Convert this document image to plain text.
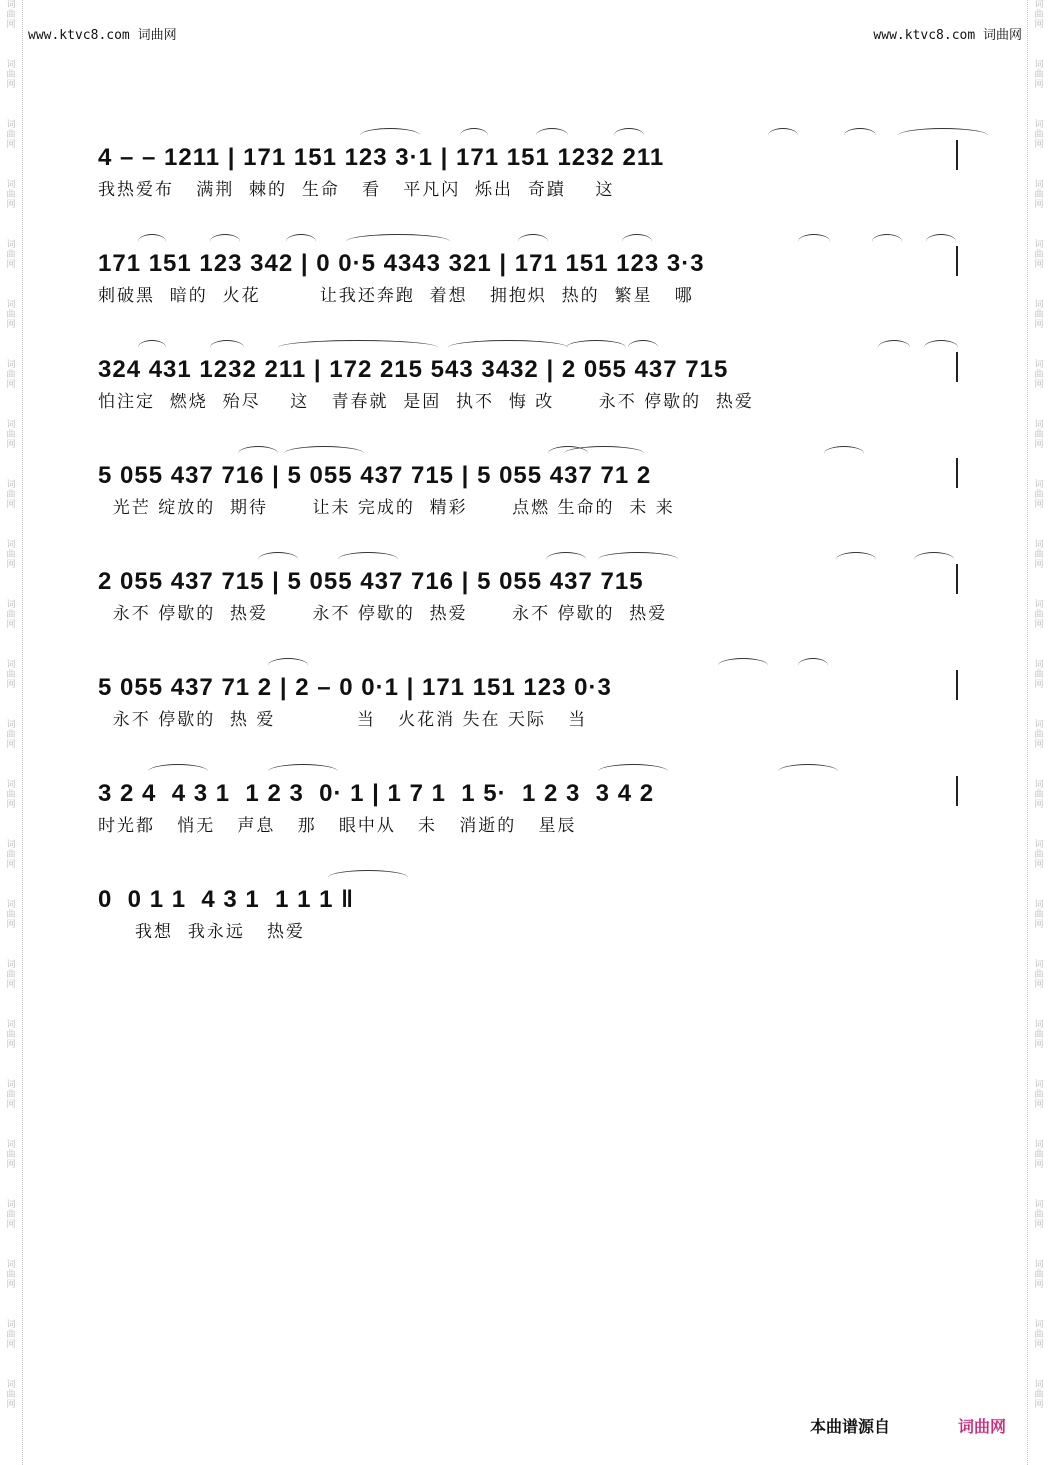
词曲网
词曲网
词曲网
词曲网
词曲网
词曲网
词曲网
词曲网
词曲网
词曲网
词曲网
词曲网
词曲网
词曲网
词曲网
词曲网
词曲网
词曲网
词曲网
词曲网
词曲网
词曲网
词曲网
词曲网
词曲网
词曲网
词曲网
词曲网
词曲网
词曲网
词曲网
词曲网
词曲网
词曲网
词曲网
词曲网
词曲网
词曲网
词曲网
词曲网
词曲网
词曲网
词曲网
词曲网
词曲网
词曲网
词曲网
词曲网
www.ktvc8.com 词曲网	www.ktvc8.com 词曲网
4 – – 1211 | 171 151 123 3·1 | 171 151 1232 211
我热爱布   满荆  棘的  生命   看   平凡闪  烁出  奇蹟    这
171 151 123 342 | 0 0·5 4343 321 | 171 151 123 3·3
刺破黑  暗的  火花        让我还奔跑  着想   拥抱炽  热的  繁星   哪
324 431 1232 211 | 172 215 543 3432 | 2 055 437 715
怕注定  燃烧  殆尽    这   青春就  是固  执不  悔 改      永不 停歇的  热爱
5 055 437 716 | 5 055 437 715 | 5 055 437 71 2
光芒 绽放的  期待      让未 完成的  精彩      点燃 生命的  未 来
2 055 437 715 | 5 055 437 716 | 5 055 437 715
永不 停歇的  热爱      永不 停歇的  热爱      永不 停歇的  热爱
5 055 437 71 2 | 2 – 0 0·1 | 171 151 123 0·3
永不 停歇的  热 爱           当   火花消 失在 天际   当
3 2 4  4 3 1  1 2 3  0· 1 | 1 7 1  1 5·  1 2 3  3 4 2
时光都   悄无   声息   那   眼中从   未   消逝的   星辰
0  0 1 1  4 3 1  1 1 1 ‖
我想  我永远   热爱
本曲谱源自	词曲网
